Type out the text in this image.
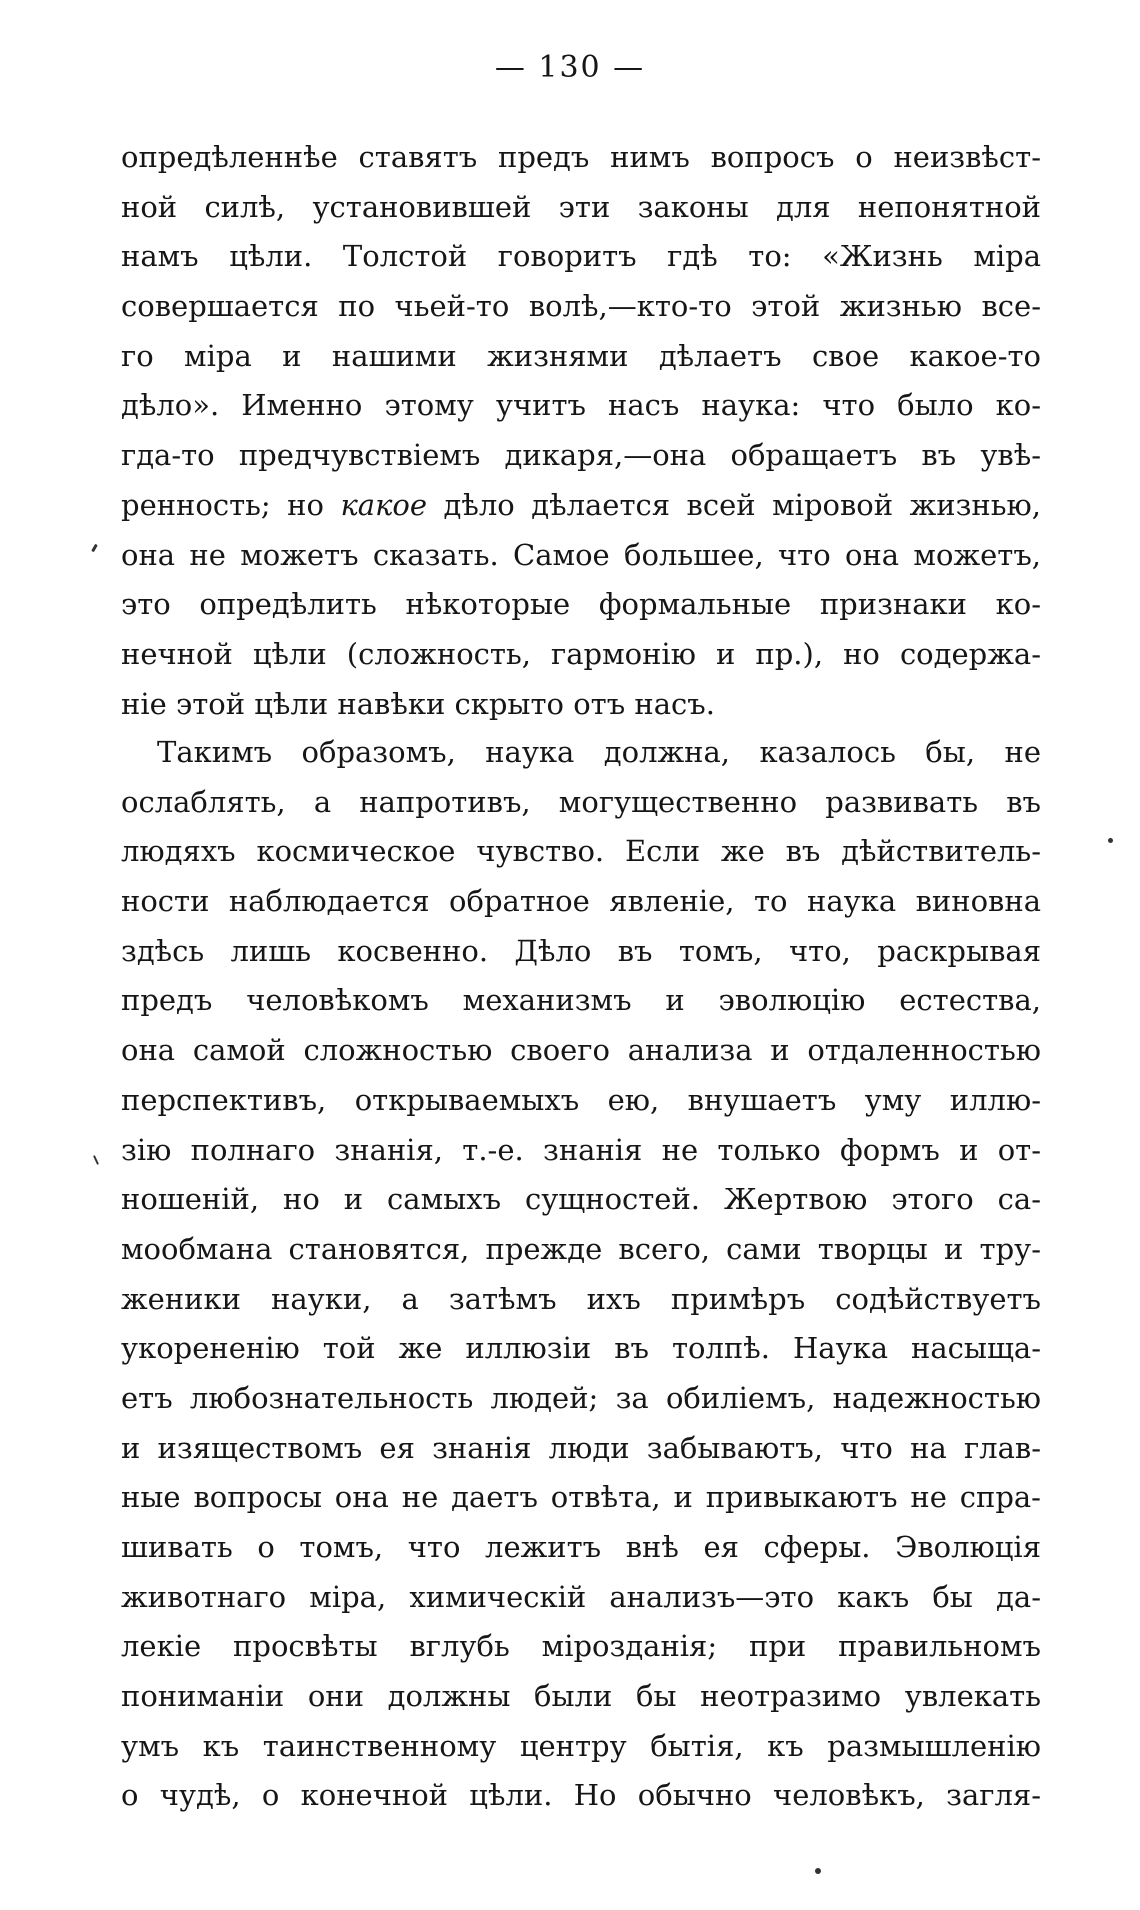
— 130 —
опредѣленнѣе ставятъ предъ нимъ вопросъ о неизвѣст-
ной силѣ, установившей эти законы для непонятной
намъ цѣли. Толстой говоритъ гдѣ то: «Жизнь міра
совершается по чьей-то волѣ,—кто-то этой жизнью все-
го міра и нашими жизнями дѣлаетъ свое какое-то
дѣло». Именно этому учитъ насъ наука: что было ко-
гда-то предчувствіемъ дикаря,—она обращаетъ въ увѣ-
ренность; но какое дѣло дѣлается всей міровой жизнью,
она не можетъ сказать. Самое большее, что она можетъ,
это опредѣлить нѣкоторые формальные признаки ко-
нечной цѣли (сложность, гармонію и пр.), но содержа-
ніе этой цѣли навѣки скрыто отъ насъ.
Такимъ образомъ, наука должна, казалось бы, не
ослаблять, а напротивъ, могущественно развивать въ
людяхъ космическое чувство. Если же въ дѣйствитель-
ности наблюдается обратное явленіе, то наука виновна
здѣсь лишь косвенно. Дѣло въ томъ, что, раскрывая
предъ человѣкомъ механизмъ и эволюцію естества,
она самой сложностью своего анализа и отдаленностью
перспективъ, открываемыхъ ею, внушаетъ уму иллю-
зію полнаго знанія, т.-е. знанія не только формъ и от-
ношеній, но и самыхъ сущностей. Жертвою этого са-
мообмана становятся, прежде всего, сами творцы и тру-
женики науки, а затѣмъ ихъ примѣръ содѣйствуетъ
укорененію той же иллюзіи въ толпѣ. Наука насыща-
етъ любознательность людей; за обиліемъ, надежностью
и изяществомъ ея знанія люди забываютъ, что на глав-
ные вопросы она не даетъ отвѣта, и привыкаютъ не спра-
шивать о томъ, что лежитъ внѣ ея сферы. Эволюція
животнаго міра, химическій анализъ—это какъ бы да-
лекіе просвѣты вглубь мірозданія; при правильномъ
пониманіи они должны были бы неотразимо увлекать
умъ къ таинственному центру бытія, къ размышленію
о чудѣ, о конечной цѣли. Но обычно человѣкъ, загля-
